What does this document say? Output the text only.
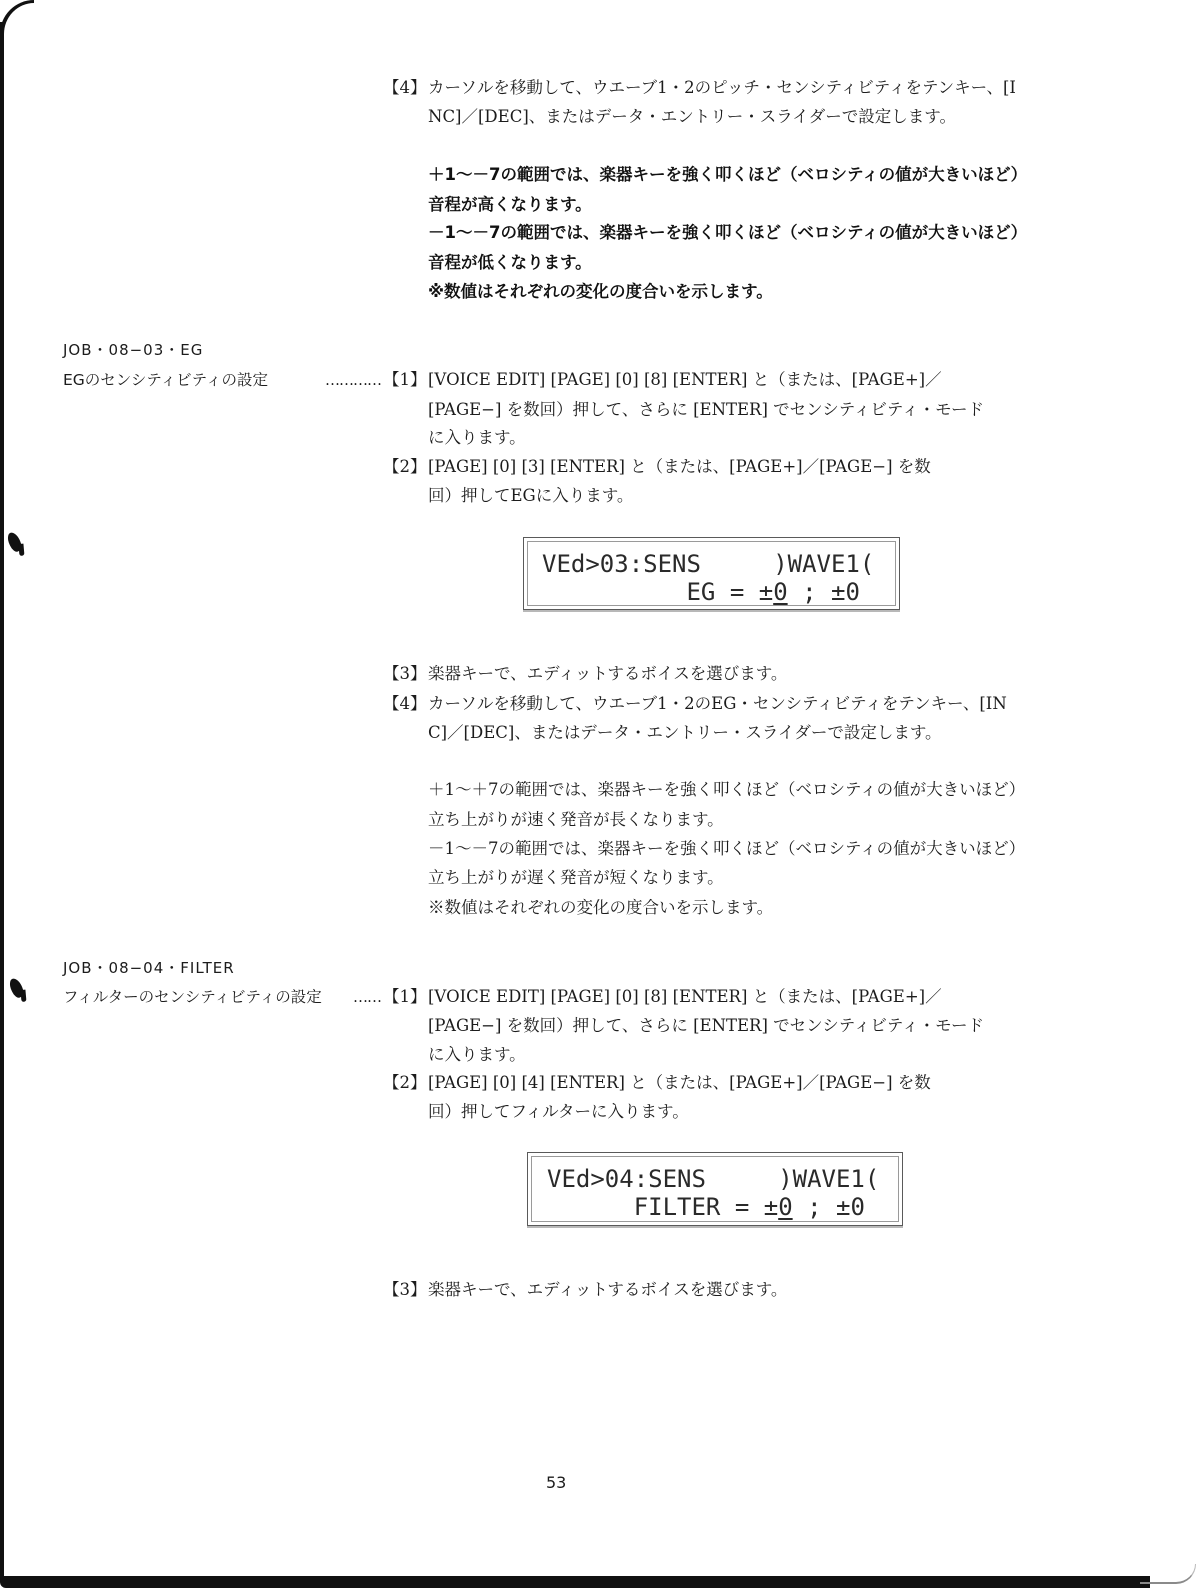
【4】カーソルを移動して、ウエーブ1・2のピッチ・センシティビティをテンキー、[I
NC]／[DEC]、またはデータ・エントリー・スライダーで設定します。
＋1〜－7の範囲では、楽器キーを強く叩くほど（ベロシティの値が大きいほど）
音程が高くなります。
－1〜－7の範囲では、楽器キーを強く叩くほど（ベロシティの値が大きいほど）
音程が低くなります。
※数値はそれぞれの変化の度合いを示します。
JOB・08−03・EG
EGのセンシティビティの設定	………… 【1】[VOICE EDIT] [PAGE] [0] [8] [ENTER] と（または、[PAGE+]／
[PAGE−] を数回）押して、さらに [ENTER] でセンシティビティ・モード
に入ります。
【2】[PAGE] [0] [3] [ENTER] と（または、[PAGE+]／[PAGE−] を数
回）押してEGに入ります。
VEd>03:SENS     )WAVE1(
EG = ±0 ; ±0
【3】楽器キーで、エディットするボイスを選びます。
【4】カーソルを移動して、ウエーブ1・2のEG・センシティビティをテンキー、[IN
C]／[DEC]、またはデータ・エントリー・スライダーで設定します。
＋1〜＋7の範囲では、楽器キーを強く叩くほど（ベロシティの値が大きいほど）
立ち上がりが速く発音が長くなります。
－1〜－7の範囲では、楽器キーを強く叩くほど（ベロシティの値が大きいほど）
立ち上がりが遅く発音が短くなります。
※数値はそれぞれの変化の度合いを示します。
JOB・08−04・FILTER
フィルターのセンシティビティの設定 …… 【1】[VOICE EDIT] [PAGE] [0] [8] [ENTER] と（または、[PAGE+]／
[PAGE−] を数回）押して、さらに [ENTER] でセンシティビティ・モード
に入ります。
【2】[PAGE] [0] [4] [ENTER] と（または、[PAGE+]／[PAGE−] を数
回）押してフィルターに入ります。
VEd>04:SENS     )WAVE1(
FILTER = ±0 ; ±0
【3】楽器キーで、エディットするボイスを選びます。
53
